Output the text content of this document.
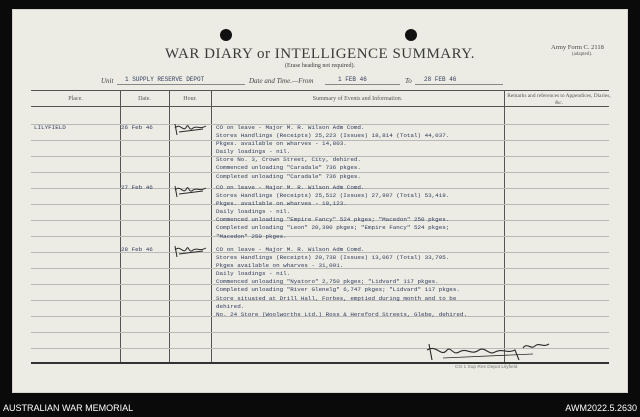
WAR DIARY or INTELLIGENCE SUMMARY.
(Erase heading not required).
Army Form C. 2118
(adapted).
Unit 1 SUPPLY RESERVE DEPOT	Date and Time.—From	1 FEB 46	To 28 FEB 46
Place.	Date.	Hour.	Summary of Events and Information.	Remarks and references to Appendices, Diaries, &c.
LILYFIELD	26 Feb 46	CO on leave - Major M. R. Wilson Adm Comd.
Stores Handlings (Receipts) 25,223 (Issues) 18,814 (Total) 44,037.
Pkges. available on wharves - 14,803.
Daily loadings - nil.
Store No. 3, Crown Street, City, dehired.
Commenced unloading "Caradale" 736 pkges.
Completed unloading "Caradale" 736 pkges.
27 Feb 46	CO on leave - Major M. R. Wilson Adm Comd.
Stores Handlings (Receipts) 25,512 (Issues) 27,997 (Total) 53,419.
Pkges. available on wharves - 10,123.
Daily loadings - nil.
Commenced unloading "Empire Fancy" 524 pkges; "Macedon" 250 pkges.
Completed unloading "Leon" 20,300 pkges; "Empire Fancy" 524 pkges;
"Macedon" 250 pkges.
28 Feb 46	CO on leave - Major M. R. Wilson Adm Comd.
Stores Handlings (Receipts) 20,738 (Issues) 13,067 (Total) 33,795.
Pkges available on wharves - 31,091.
Daily loadings - nil.
Commenced unloading "Nyatoro" 2,750 pkges; "Lidvard" 117 pkges.
Completed unloading "River Glenelg" 6,747 pkges; "Lidvard" 117 pkges.
Store situated at Drill Hall, Forbes, emptied during month and to be
dehired.
No. 24 Store (Woolworths Ltd.) Ross & Hereford Streets, Glebe, dehired.
CO 1 Sup Res Depot Lilyfield
AUSTRALIAN WAR MEMORIAL	AWM2022.5.2630
